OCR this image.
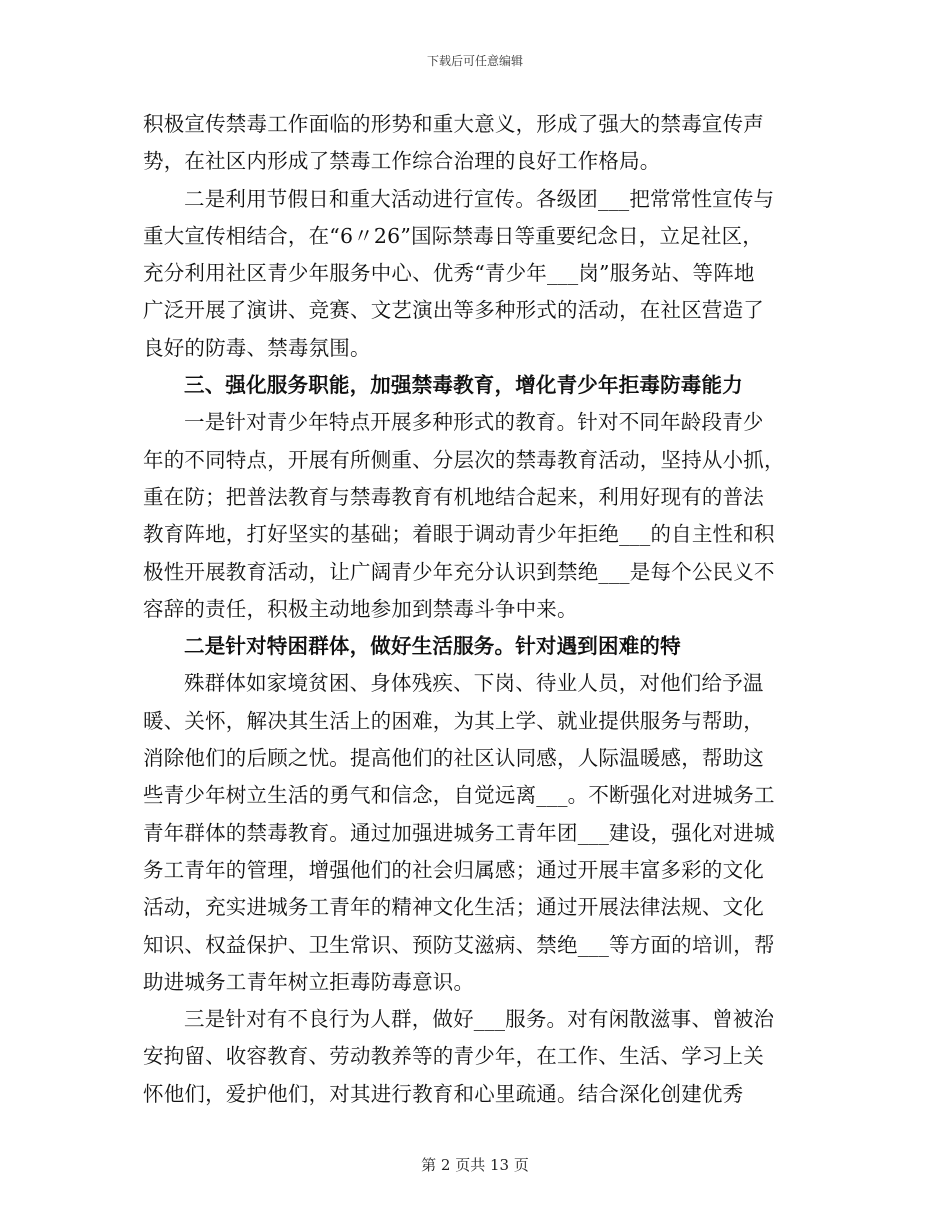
下载后可任意编辑
积极宣传禁毒工作面临的形势和重大意义，形成了强大的禁毒宣传声
势，在社区内形成了禁毒工作综合治理的良好工作格局。
二是利用节假日和重大活动进行宣传。各级团___把常常性宣传与
重大宣传相结合，在“6〃26”国际禁毒日等重要纪念日，立足社区，
充分利用社区青少年服务中心、优秀“青少年___岗”服务站、等阵地
广泛开展了演讲、竞赛、文艺演出等多种形式的活动，在社区营造了
良好的防毒、禁毒氛围。
三、强化服务职能，加强禁毒教育，增化青少年拒毒防毒能力
一是针对青少年特点开展多种形式的教育。针对不同年龄段青少
年的不同特点，开展有所侧重、分层次的禁毒教育活动，坚持从小抓，
重在防；把普法教育与禁毒教育有机地结合起来，利用好现有的普法
教育阵地，打好坚实的基础；着眼于调动青少年拒绝___的自主性和积
极性开展教育活动，让广阔青少年充分认识到禁绝___是每个公民义不
容辞的责任，积极主动地参加到禁毒斗争中来。
二是针对特困群体，做好生活服务。针对遇到困难的特
殊群体如家境贫困、身体残疾、下岗、待业人员，对他们给予温
暖、关怀，解决其生活上的困难，为其上学、就业提供服务与帮助，
消除他们的后顾之忧。提高他们的社区认同感，人际温暖感，帮助这
些青少年树立生活的勇气和信念，自觉远离___。不断强化对进城务工
青年群体的禁毒教育。通过加强进城务工青年团___建设，强化对进城
务工青年的管理，增强他们的社会归属感；通过开展丰富多彩的文化
活动，充实进城务工青年的精神文化生活；通过开展法律法规、文化
知识、权益保护、卫生常识、预防艾滋病、禁绝___等方面的培训，帮
助进城务工青年树立拒毒防毒意识。
三是针对有不良行为人群，做好___服务。对有闲散滋事、曾被治
安拘留、收容教育、劳动教养等的青少年，在工作、生活、学习上关
怀他们，爱护他们，对其进行教育和心里疏通。结合深化创建优秀
第 2 页共 13 页
